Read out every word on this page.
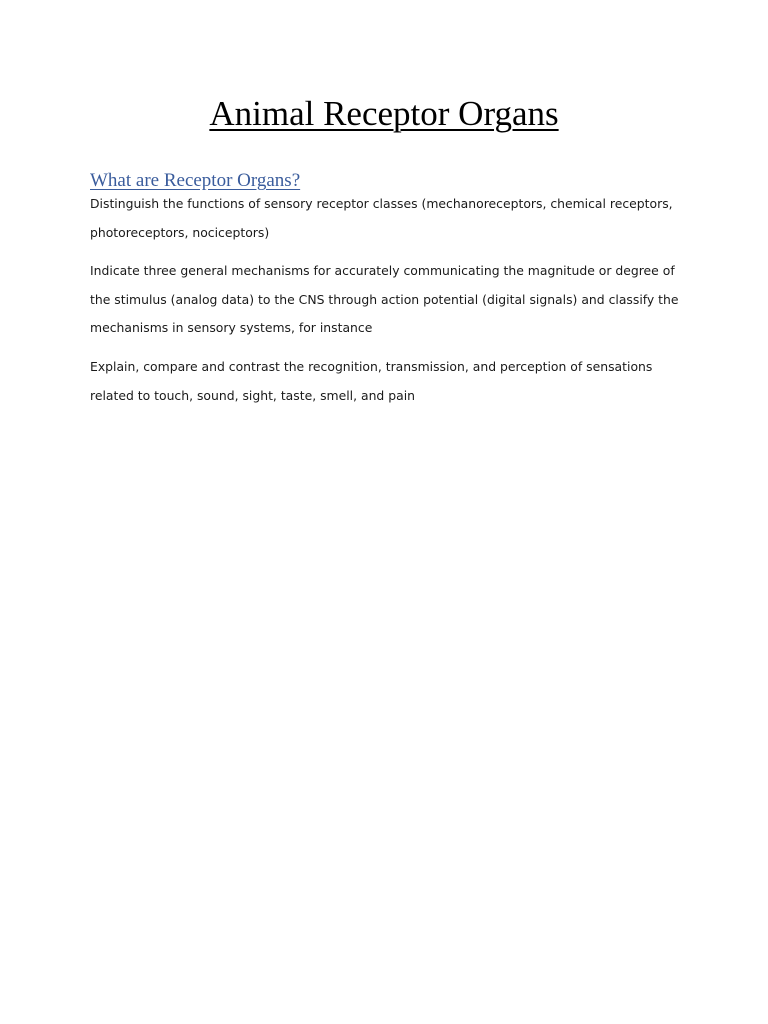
Animal Receptor Organs
What are Receptor Organs?

Distinguish the functions of sensory receptor classes (mechanoreceptors, chemical receptors,
photoreceptors, nociceptors)

Indicate three general mechanisms for accurately communicating the magnitude or degree of
the stimulus (analog data) to the CNS through action potential (digital signals) and classify the
mechanisms in sensory systems, for instance

Explain, compare and contrast the recognition, transmission, and perception of sensations
related to touch, sound, sight, taste, smell, and pain
